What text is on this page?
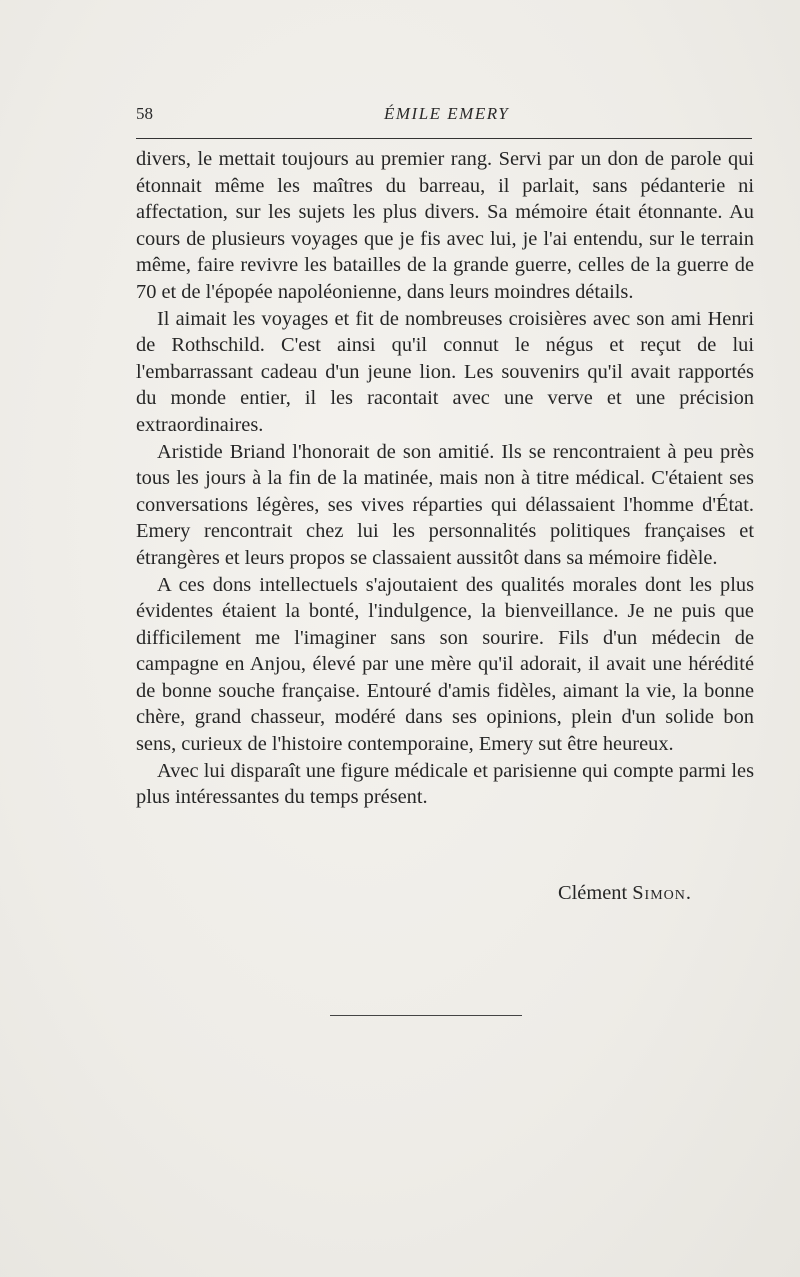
58	ÉMILE EMERY

divers, le mettait toujours au premier rang. Servi par un don de parole qui étonnait même les maîtres du barreau, il parlait, sans pédanterie ni affectation, sur les sujets les plus divers. Sa mémoire était étonnante. Au cours de plusieurs voyages que je fis avec lui, je l'ai entendu, sur le terrain même, faire revivre les batailles de la grande guerre, celles de la guerre de 70 et de l'épopée napoléonienne, dans leurs moindres détails.

Il aimait les voyages et fit de nombreuses croisières avec son ami Henri de Rothschild. C'est ainsi qu'il connut le négus et reçut de lui l'embarrassant cadeau d'un jeune lion. Les souvenirs qu'il avait rapportés du monde entier, il les racontait avec une verve et une précision extraordinaires.

Aristide Briand l'honorait de son amitié. Ils se rencontraient à peu près tous les jours à la fin de la matinée, mais non à titre médical. C'étaient ses conversations légères, ses vives réparties qui délassaient l'homme d'État. Emery rencontrait chez lui les personnalités politiques françaises et étrangères et leurs propos se classaient aussitôt dans sa mémoire fidèle.

A ces dons intellectuels s'ajoutaient des qualités morales dont les plus évidentes étaient la bonté, l'indulgence, la bienveillance. Je ne puis que difficilement me l'imaginer sans son sourire. Fils d'un médecin de campagne en Anjou, élevé par une mère qu'il adorait, il avait une hérédité de bonne souche française. Entouré d'amis fidèles, aimant la vie, la bonne chère, grand chasseur, modéré dans ses opinions, plein d'un solide bon sens, curieux de l'histoire contemporaine, Emery sut être heureux.

Avec lui disparaît une figure médicale et parisienne qui compte parmi les plus intéressantes du temps présent.

Clément Simon.
